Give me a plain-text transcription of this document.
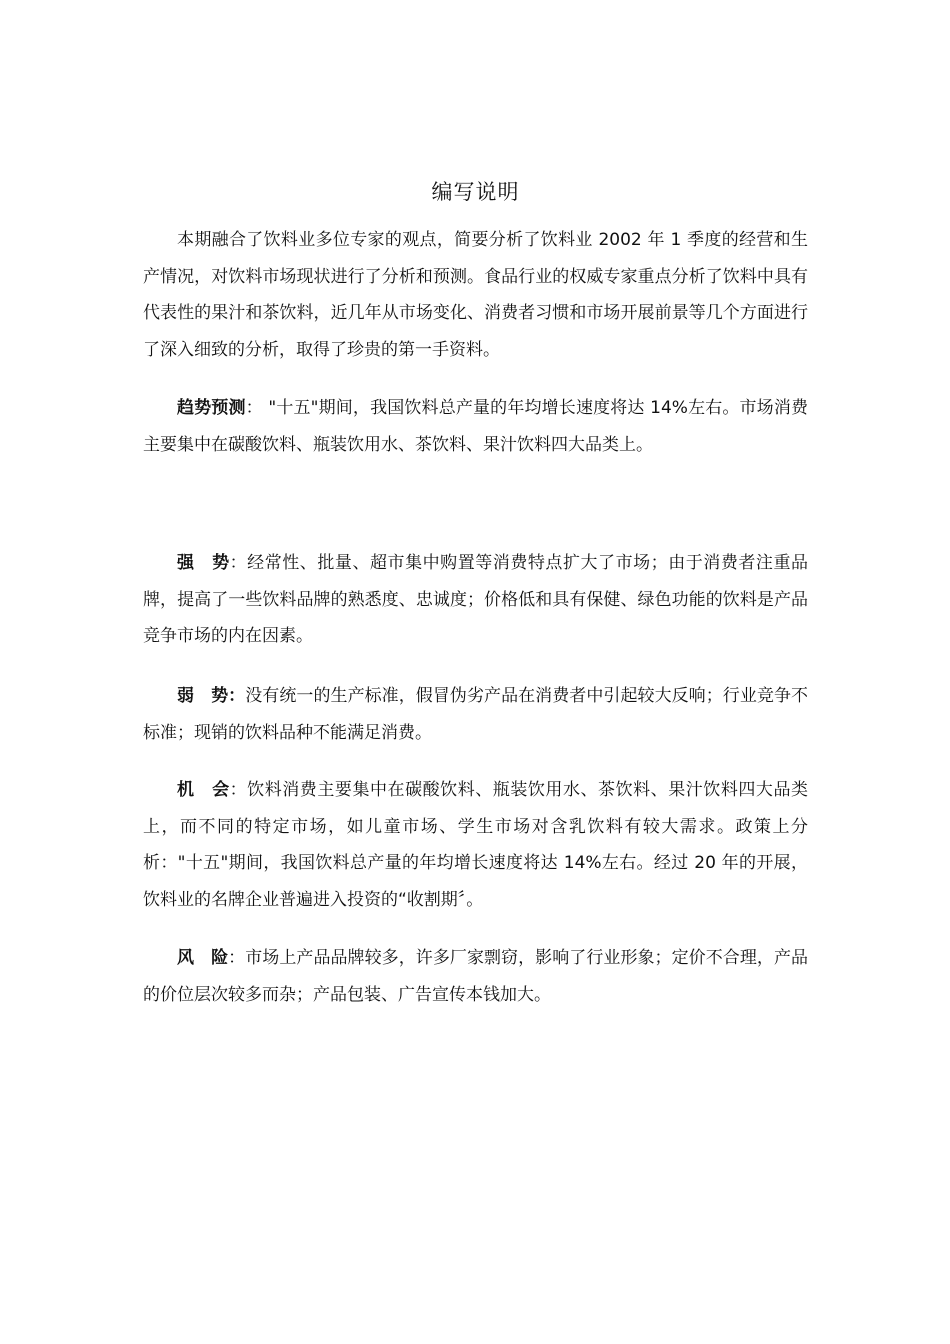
编写说明

本期融合了饮料业多位专家的观点，简要分析了饮料业 2002 年 1 季度的经营和生产情况，对饮料市场现状进行了分析和预测。食品行业的权威专家重点分析了饮料中具有代表性的果汁和茶饮料，近几年从市场变化、消费者习惯和市场开展前景等几个方面进行了深入细致的分析，取得了珍贵的第一手资料。

趋势预测： "十五"期间，我国饮料总产量的年均增长速度将达 14%左右。市场消费主要集中在碳酸饮料、瓶装饮用水、茶饮料、果汁饮料四大品类上。

强　势：经常性、批量、超市集中购置等消费特点扩大了市场；由于消费者注重品牌，提高了一些饮料品牌的熟悉度、忠诚度；价格低和具有保健、绿色功能的饮料是产品竞争市场的内在因素。

弱　势：没有统一的生产标准，假冒伪劣产品在消费者中引起较大反响；行业竞争不标准；现销的饮料品种不能满足消费。

机　会：饮料消费主要集中在碳酸饮料、瓶装饮用水、茶饮料、果汁饮料四大品类上，而不同的特定市场，如儿童市场、学生市场对含乳饮料有较大需求。政策上分析："十五"期间，我国饮料总产量的年均增长速度将达 14%左右。经过 20 年的开展，饮料业的名牌企业普遍进入投资的“收割期〞。

风　险：市场上产品品牌较多，许多厂家剽窃，影响了行业形象；定价不合理，产品的价位层次较多而杂；产品包装、广告宣传本钱加大。
